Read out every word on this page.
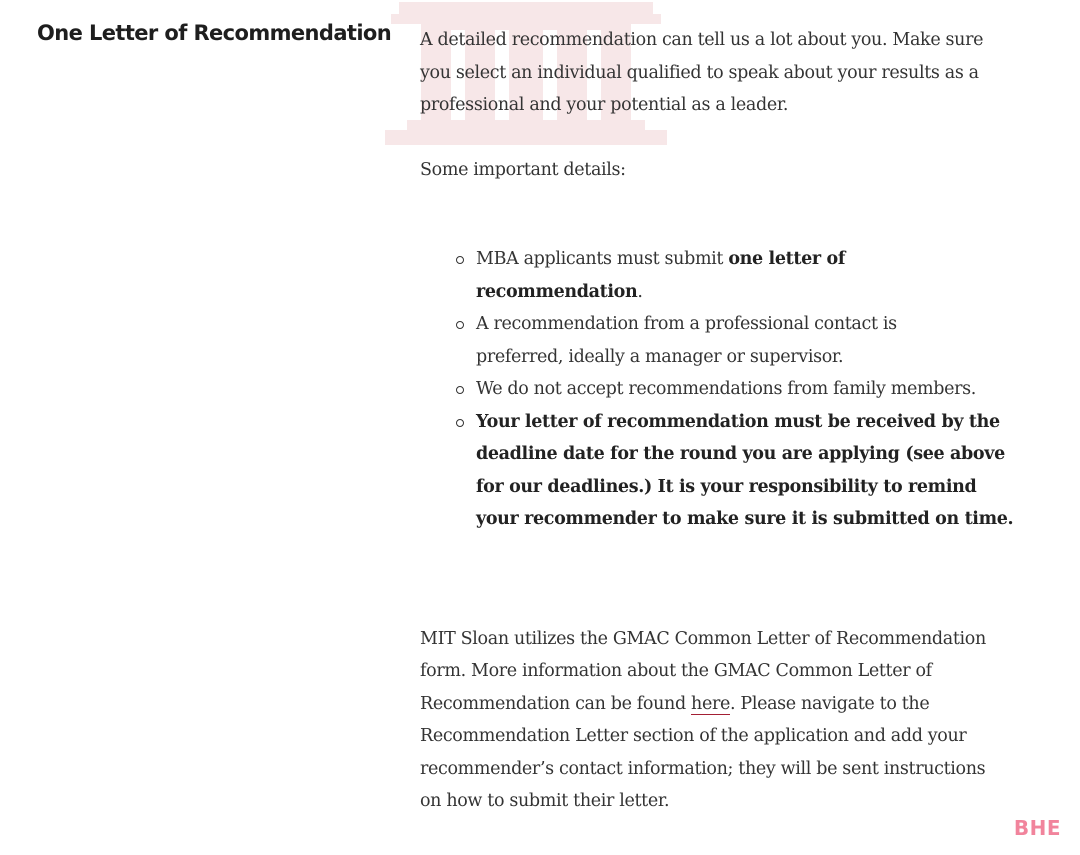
One Letter of Recommendation A detailed recommendation can tell us a lot about you. Make sure you select an individual qualified to speak about your results as a professional and your potential as a leader.

Some important details:

MBA applicants must submit one letter of recommendation.
A recommendation from a professional contact is preferred, ideally a manager or supervisor.
We do not accept recommendations from family members.
Your letter of recommendation must be received by the deadline date for the round you are applying (see above for our deadlines.) It is your responsibility to remind your recommender to make sure it is submitted on time.

MIT Sloan utilizes the GMAC Common Letter of Recommendation form. More information about the GMAC Common Letter of Recommendation can be found here. Please navigate to the Recommendation Letter section of the application and add your recommender’s contact information; they will be sent instructions on how to submit their letter.

BHE
